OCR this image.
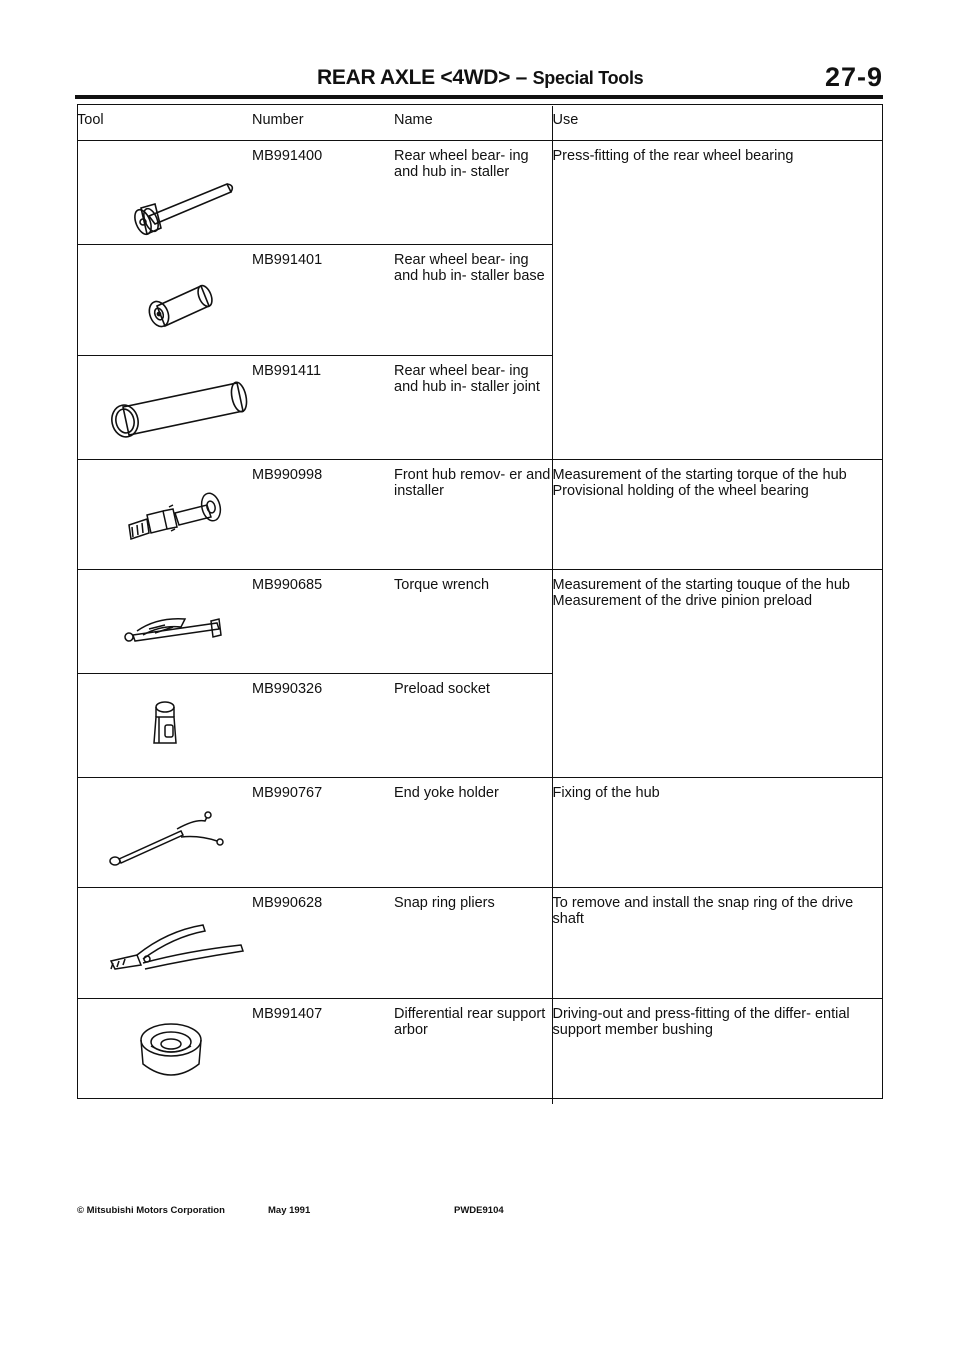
REAR AXLE <4WD> – Special Tools	27-9
Tool	Number	Name	Use

	MB991400	Rear wheel bear- ing and hub in- staller	Press-fitting of the rear wheel bearing

	MB991401	Rear wheel bear- ing and hub in- staller base	

	MB991411	Rear wheel bear- ing and hub in- staller joint	

	MB990998	Front hub remov- er and installer	Measurement of the starting torque of the hub Provisional holding of the wheel bearing

	MB990685	Torque wrench	Measurement of the starting touque of the hub Measurement of the drive pinion preload

	MB990326	Preload socket	

	MB990767	End yoke holder	Fixing of the hub

	MB990628	Snap ring pliers	To remove and install the snap ring of the drive shaft

	MB991407	Differential rear support arbor	Driving-out and press-fitting of the differ- ential support member bushing
© Mitsubishi Motors Corporation	May 1991	PWDE9104
